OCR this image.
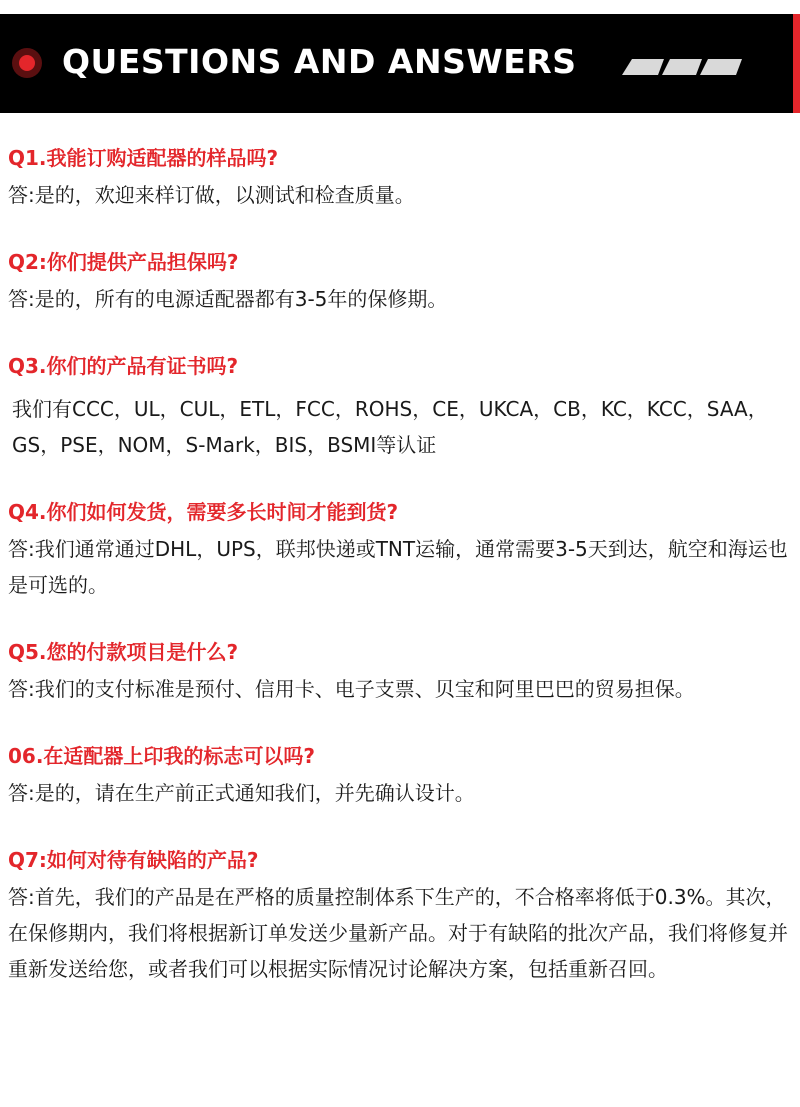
QUESTIONS AND ANSWERS
Q1.我能订购适配器的样品吗?
答:是的，欢迎来样订做，以测试和检查质量。
Q2:你们提供产品担保吗?
答:是的，所有的电源适配器都有3-5年的保修期。
Q3.你们的产品有证书吗?
我们有CCC，UL，CUL，ETL，FCC，ROHS，CE，UKCA，CB，KC，KCC，SAA，GS，PSE，NOM，S-Mark，BIS，BSMI等认证
Q4.你们如何发货，需要多长时间才能到货?
答:我们通常通过DHL，UPS，联邦快递或TNT运输，通常需要3-5天到达，航空和海运也是可选的。
Q5.您的付款项目是什么?
答:我们的支付标准是预付、信用卡、电子支票、贝宝和阿里巴巴的贸易担保。
06.在适配器上印我的标志可以吗?
答:是的，请在生产前正式通知我们，并先确认设计。
Q7:如何对待有缺陷的产品?
答:首先，我们的产品是在严格的质量控制体系下生产的，不合格率将低于0.3%。其次，在保修期内，我们将根据新订单发送少量新产品。对于有缺陷的批次产品，我们将修复并重新发送给您，或者我们可以根据实际情况讨论解决方案，包括重新召回。
